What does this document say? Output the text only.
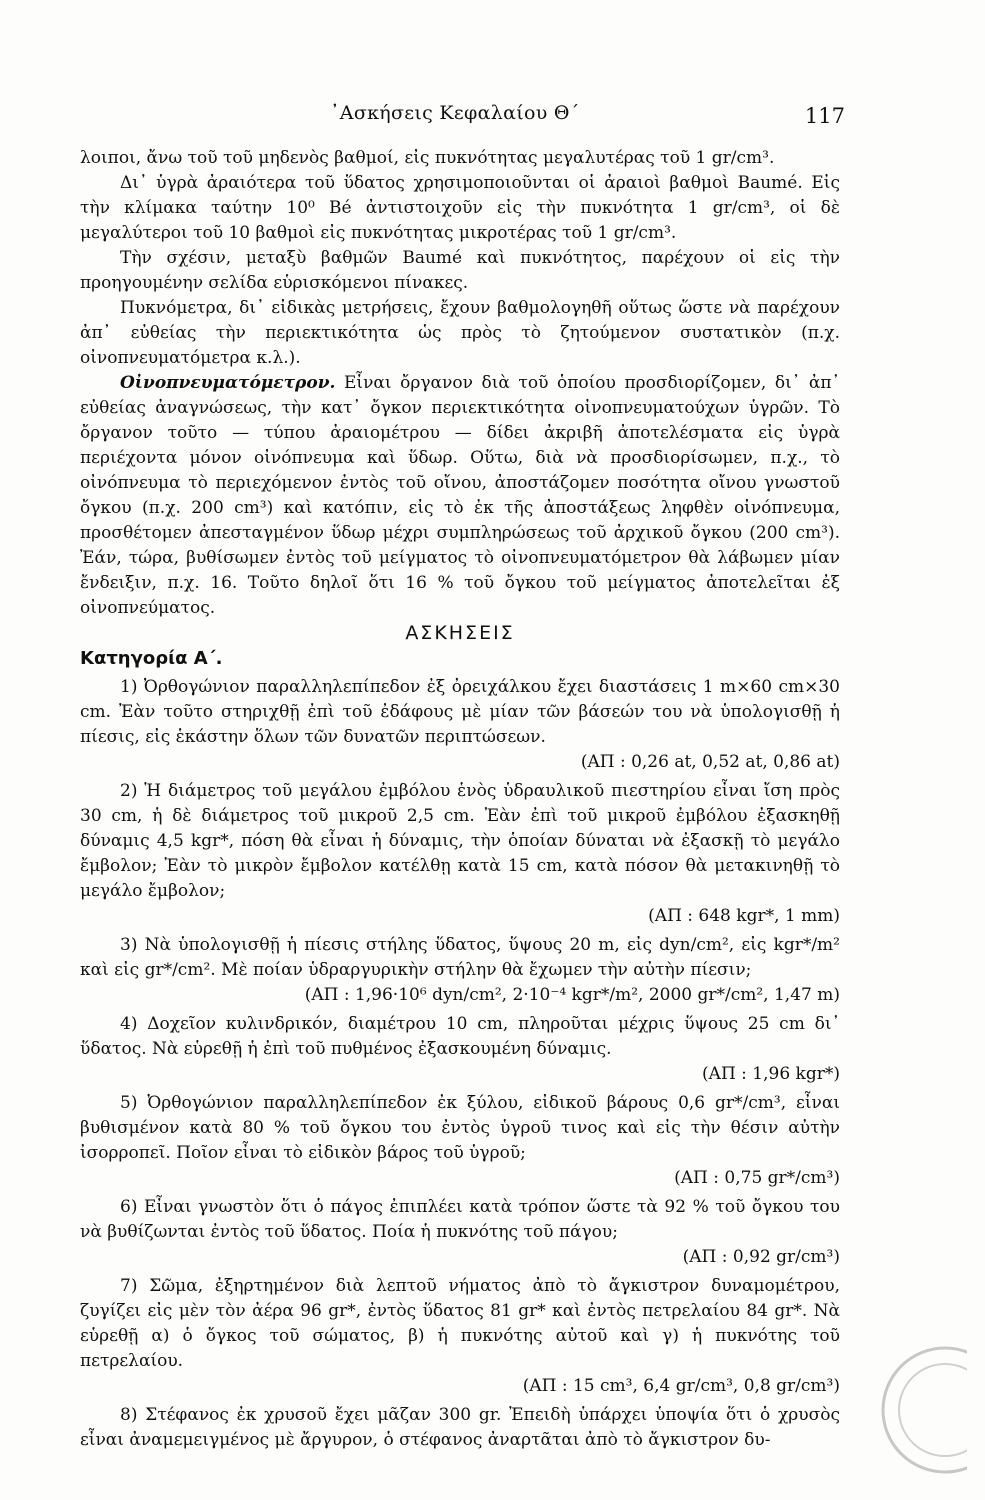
᾿Ασκήσεις Κεφαλαίου Θ΄	117

λοιποι, ἄνω τοῦ τοῦ μηδενὸς βαθμοί, εἰς πυκνότητας μεγαλυτέρας τοῦ 1 gr/cm³.

Δι᾿ ὑγρὰ ἀραιότερα τοῦ ὕδατος χρησιμοποιοῦνται οἱ ἀραιοὶ βαθμοὶ Baumé. Εἰς τὴν κλίμακα ταύτην 10⁰ Bé ἀντιστοιχοῦν εἰς τὴν πυκνότητα 1 gr/cm³, οἱ δὲ μεγαλύτεροι τοῦ 10 βαθμοὶ εἰς πυκνότητας μικροτέρας τοῦ 1 gr/cm³.

Τὴν σχέσιν, μεταξὺ βαθμῶν Baumé καὶ πυκνότητος, παρέχουν οἱ εἰς τὴν προηγουμένην σελίδα εὑρισκόμενοι πίνακες.

Πυκνόμετρα, δι᾿ εἰδικὰς μετρήσεις, ἔχουν βαθμολογηθῆ οὕτως ὥστε νὰ παρέχουν ἀπ᾿ εὐθείας τὴν περιεκτικότητα ὡς πρὸς τὸ ζητούμενον συστατικὸν (π.χ. οἰνοπνευματόμετρα κ.λ.).

Οἰνοπνευματόμετρον. Εἶναι ὄργανον διὰ τοῦ ὁποίου προσδιορίζομεν, δι᾿ ἀπ᾿ εὐθείας ἀναγνώσεως, τὴν κατ᾿ ὄγκον περιεκτικότητα οἰνοπνευματούχων ὑγρῶν. Τὸ ὄργανον τοῦτο — τύπου ἀραιομέτρου — δίδει ἀκριβῆ ἀποτελέσματα εἰς ὑγρὰ περιέχοντα μόνον οἰνόπνευμα καὶ ὕδωρ. Οὕτω, διὰ νὰ προσδιορίσωμεν, π.χ., τὸ οἰνόπνευμα τὸ περιεχόμενον ἐντὸς τοῦ οἴνου, ἀποστάζομεν ποσότητα οἴνου γνωστοῦ ὄγκου (π.χ. 200 cm³) καὶ κατόπιν, εἰς τὸ ἐκ τῆς ἀποστάξεως ληφθὲν οἰνόπνευμα, προσθέτομεν ἀπεσταγμένον ὕδωρ μέχρι συμπληρώσεως τοῦ ἀρχικοῦ ὄγκου (200 cm³). Ἐάν, τώρα, βυθίσωμεν ἐντὸς τοῦ μείγματος τὸ οἰνοπνευματόμετρον θὰ λάβωμεν μίαν ἔνδειξιν, π.χ. 16. Τοῦτο δηλοῖ ὅτι 16 % τοῦ ὄγκου τοῦ μείγματος ἀποτελεῖται ἐξ οἰνοπνεύματος.

ΑΣΚΗΣΕΙΣ

Κατηγορία Α΄.

1) Ὀρθογώνιον παραλληλεπίπεδον ἐξ ὀρειχάλκου ἔχει διαστάσεις 1 m×60 cm×30 cm. Ἐὰν τοῦτο στηριχθῇ ἐπὶ τοῦ ἐδάφους μὲ μίαν τῶν βάσεών του νὰ ὑπολογισθῇ ἡ πίεσις, εἰς ἑκάστην ὅλων τῶν δυνατῶν περιπτώσεων.

(ΑΠ : 0,26 at, 0,52 at, 0,86 at)

2) Ἡ διάμετρος τοῦ μεγάλου ἐμβόλου ἑνὸς ὑδραυλικοῦ πιεστηρίου εἶναι ἴση πρὸς 30 cm, ἡ δὲ διάμετρος τοῦ μικροῦ 2,5 cm. Ἐὰν ἐπὶ τοῦ μικροῦ ἐμβόλου ἐξασκηθῇ δύναμις 4,5 kgr*, πόση θὰ εἶναι ἡ δύναμις, τὴν ὁποίαν δύναται νὰ ἐξασκῇ τὸ μεγάλο ἔμβολον; Ἐὰν τὸ μικρὸν ἔμβολον κατέλθῃ κατὰ 15 cm, κατὰ πόσον θὰ μετακινηθῇ τὸ μεγάλο ἔμβολον;

(ΑΠ : 648 kgr*, 1 mm)

3) Νὰ ὑπολογισθῇ ἡ πίεσις στήλης ὕδατος, ὕψους 20 m, εἰς dyn/cm², εἰς kgr*/m² καὶ εἰς gr*/cm². Μὲ ποίαν ὑδραργυρικὴν στήλην θὰ ἔχωμεν τὴν αὐτὴν πίεσιν;

(ΑΠ : 1,96·10⁶ dyn/cm², 2·10⁻⁴ kgr*/m², 2000 gr*/cm², 1,47 m)

4) Δοχεῖον κυλινδρικόν, διαμέτρου 10 cm, πληροῦται μέχρις ὕψους 25 cm δι᾿ ὕδατος. Νὰ εὑρεθῇ ἡ ἐπὶ τοῦ πυθμένος ἐξασκουμένη δύναμις.

(ΑΠ : 1,96 kgr*)

5) Ὀρθογώνιον παραλληλεπίπεδον ἐκ ξύλου, εἰδικοῦ βάρους 0,6 gr*/cm³, εἶναι βυθισμένον κατὰ 80 % τοῦ ὄγκου του ἐντὸς ὑγροῦ τινος καὶ εἰς τὴν θέσιν αὐτὴν ἰσορροπεῖ. Ποῖον εἶναι τὸ εἰδικὸν βάρος τοῦ ὑγροῦ;

(ΑΠ : 0,75 gr*/cm³)

6) Εἶναι γνωστὸν ὅτι ὁ πάγος ἐπιπλέει κατὰ τρόπον ὥστε τὰ 92 % τοῦ ὄγκου του νὰ βυθίζωνται ἐντὸς τοῦ ὕδατος. Ποία ἡ πυκνότης τοῦ πάγου;

(ΑΠ : 0,92 gr/cm³)

7) Σῶμα, ἐξηρτημένον διὰ λεπτοῦ νήματος ἀπὸ τὸ ἄγκιστρον δυναμομέτρου, ζυγίζει εἰς μὲν τὸν ἀέρα 96 gr*, ἐντὸς ὕδατος 81 gr* καὶ ἐντὸς πετρελαίου 84 gr*. Νὰ εὑρεθῇ α) ὁ ὄγκος τοῦ σώματος, β) ἡ πυκνότης αὐτοῦ καὶ γ) ἡ πυκνότης τοῦ πετρελαίου.

(ΑΠ : 15 cm³, 6,4 gr/cm³, 0,8 gr/cm³)

8) Στέφανος ἐκ χρυσοῦ ἔχει μᾶζαν 300 gr. Ἐπειδὴ ὑπάρχει ὑποψία ὅτι ὁ χρυσὸς εἶναι ἀναμεμειγμένος μὲ ἄργυρον, ὁ στέφανος ἀναρτᾶται ἀπὸ τὸ ἄγκιστρον δυ-
